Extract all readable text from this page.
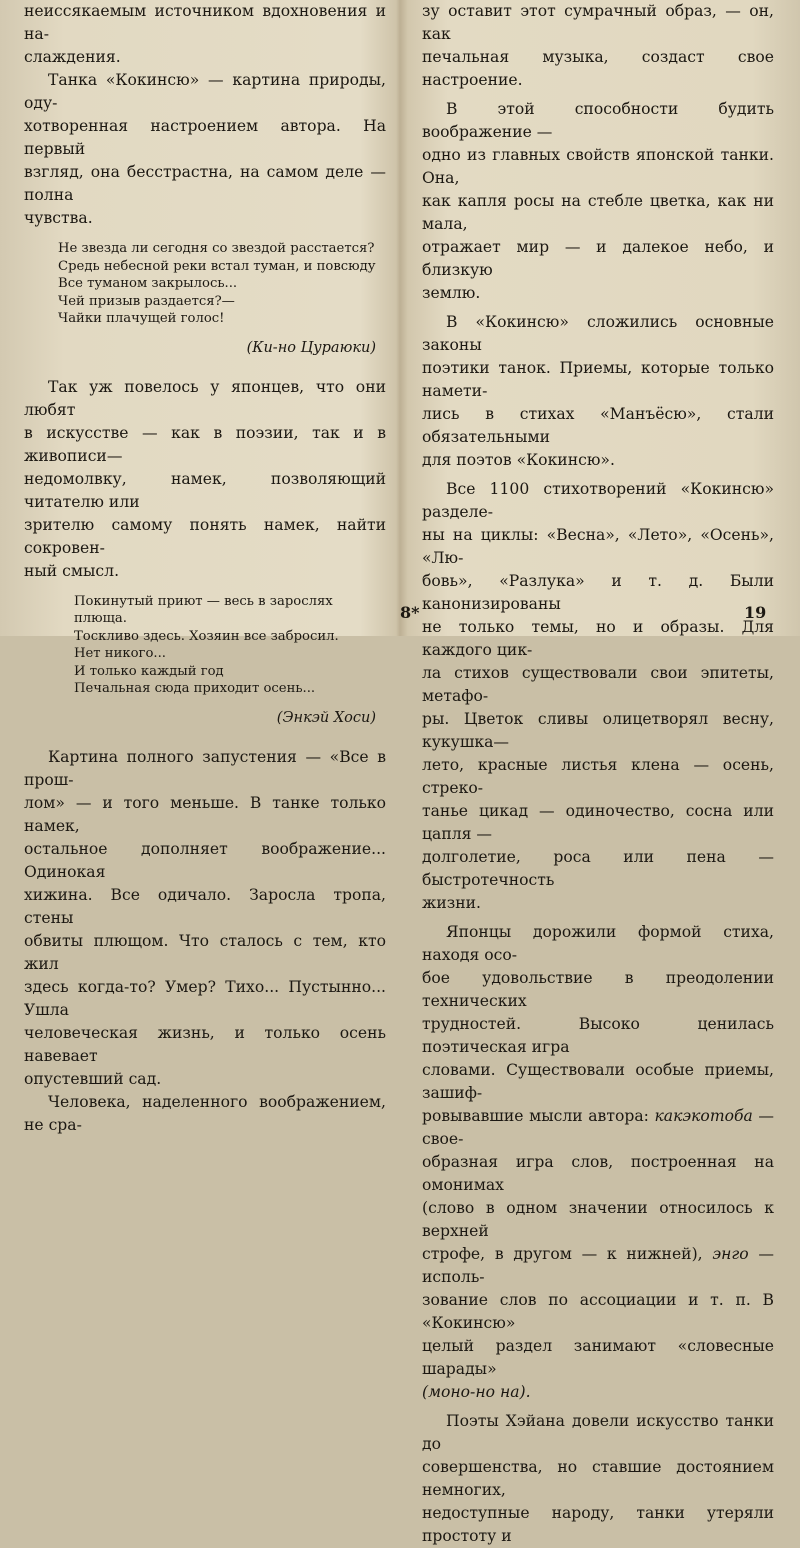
неиссякаемым источником вдохновения и на-
слаждения.

Танка «Кокинсю» — картина природы, оду-
хотворенная настроением автора. На первый
взгляд, она бесстрастна, на самом деле — полна
чувства.

Не звезда ли сегодня со звездой расстается?
Средь небесной реки встал туман, и повсюду
Все туманом закрылось...
Чей призыв раздается?—
Чайки плачущей голос!
(Ки-но Цураюки)

Так уж повелось у японцев, что они любят
в искусстве — как в поэзии, так и в живописи—
недомолвку, намек, позволяющий читателю или
зрителю самому понять намек, найти сокровен-
ный смысл.

Покинутый приют — весь в зарослях плюща.
Тоскливо здесь. Хозяин все забросил.
Нет никого...
И только каждый год
Печальная сюда приходит осень...
(Энкэй Хоси)

Картина полного запустения — «Все в прош-
лом» — и того меньше. В танке только намек,
остальное дополняет воображение... Одинокая
хижина. Все одичало. Заросла тропа, стены
обвиты плющом. Что сталось с тем, кто жил
здесь когда-то? Умер? Тихо... Пустынно... Ушла
человеческая жизнь, и только осень навевает
опустевший сад.

Человека, наделенного воображением, не сра-

зу оставит этот сумрачный образ, — он, как
печальная музыка, создаст свое настроение.

В этой способности будить воображение —
одно из главных свойств японской танки. Она,
как капля росы на стебле цветка, как ни мала,
отражает мир — и далекое небо, и близкую
землю.

В «Кокинсю» сложились основные законы
поэтики танок. Приемы, которые только намети-
лись в стихах «Манъёсю», стали обязательными
для поэтов «Кокинсю».

Все 1100 стихотворений «Кокинсю» разделе-
ны на циклы: «Весна», «Лето», «Осень», «Лю-
бовь», «Разлука» и т. д. Были канонизированы
не только темы, но и образы. Для каждого цик-
ла стихов существовали свои эпитеты, метафо-
ры. Цветок сливы олицетворял весну, кукушка—
лето, красные листья клена — осень, стреко-
танье цикад — одиночество, сосна или цапля —
долголетие, роса или пена — быстротечность
жизни.

Японцы дорожили формой стиха, находя осо-
бое удовольствие в преодолении технических
трудностей. Высоко ценилась поэтическая игра
словами. Существовали особые приемы, зашиф-
ровывавшие мысли автора: какэкотоба — свое-
образная игра слов, построенная на омонимах
(слово в одном значении относилось к верхней
строфе, в другом — к нижней), энго — исполь-
зование слов по ассоциации и т. п. В «Кокинсю»
целый раздел занимают «словесные шарады»
(моно-но на).

Поэты Хэйана довели искусство танки до
совершенства, но ставшие достоянием немногих,
недоступные народу, танки утеряли простоту и

8*	19
